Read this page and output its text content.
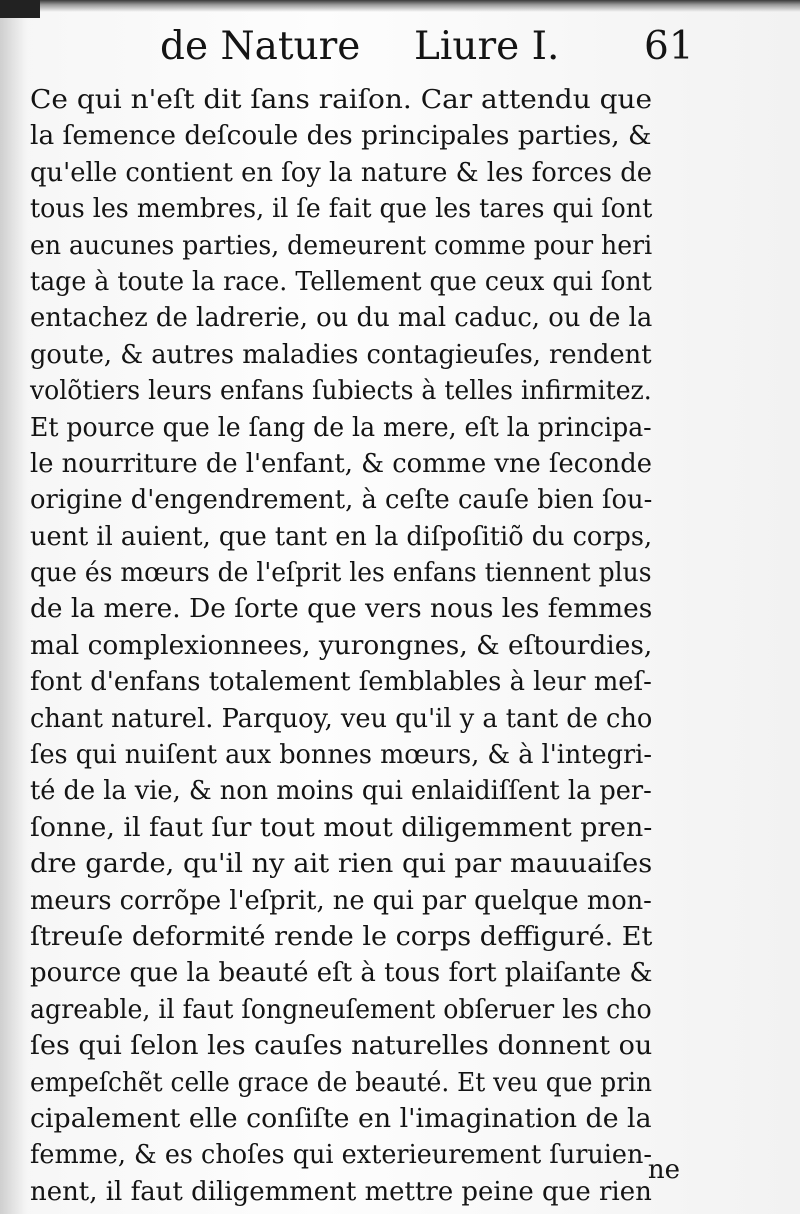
de Nature Liure I. 61
Ce qui n'eſt dit ſans raiſon. Car attendu que
la ſemence deſcoule des principales parties, &
qu'elle contient en ſoy la nature & les forces de
tous les membres, il ſe fait que les tares qui ſont
en aucunes parties, demeurent comme pour heri
tage à toute la race. Tellement que ceux qui ſont
entachez de ladrerie, ou du mal caduc, ou de la
goute, & autres maladies contagieuſes, rendent
volõtiers leurs enfans ſubiects à telles infirmitez.
Et pource que le ſang de la mere, eſt la principa-
le nourriture de l'enfant, & comme vne ſeconde
origine d'engendrement, à ceſte cauſe bien ſou-
uent il auient, que tant en la diſpoſitiõ du corps,
que és mœurs de l'eſprit les enfans tiennent plus
de la mere. De ſorte que vers nous les femmes
mal complexionnees, yurongnes, & eſtourdies,
font d'enfans totalement ſemblables à leur meſ-
chant naturel. Parquoy, veu qu'il y a tant de cho
ſes qui nuiſent aux bonnes mœurs, & à l'integri-
té de la vie, & non moins qui enlaidiſſent la per-
ſonne, il faut ſur tout mout diligemment pren-
dre garde, qu'il ny ait rien qui par mauuaiſes
meurs corrõpe l'eſprit, ne qui par quelque mon-
ſtreuſe deformité rende le corps deffiguré. Et
pource que la beauté eſt à tous fort plaiſante &
agreable, il faut ſongneuſement obſeruer les cho
ſes qui ſelon les cauſes naturelles donnent ou
empeſchẽt celle grace de beauté. Et veu que prin
cipalement elle conſiſte en l'imagination de la
femme, & es choſes qui exterieurement ſuruien-
nent, il faut diligemment mettre peine que rien
ne
